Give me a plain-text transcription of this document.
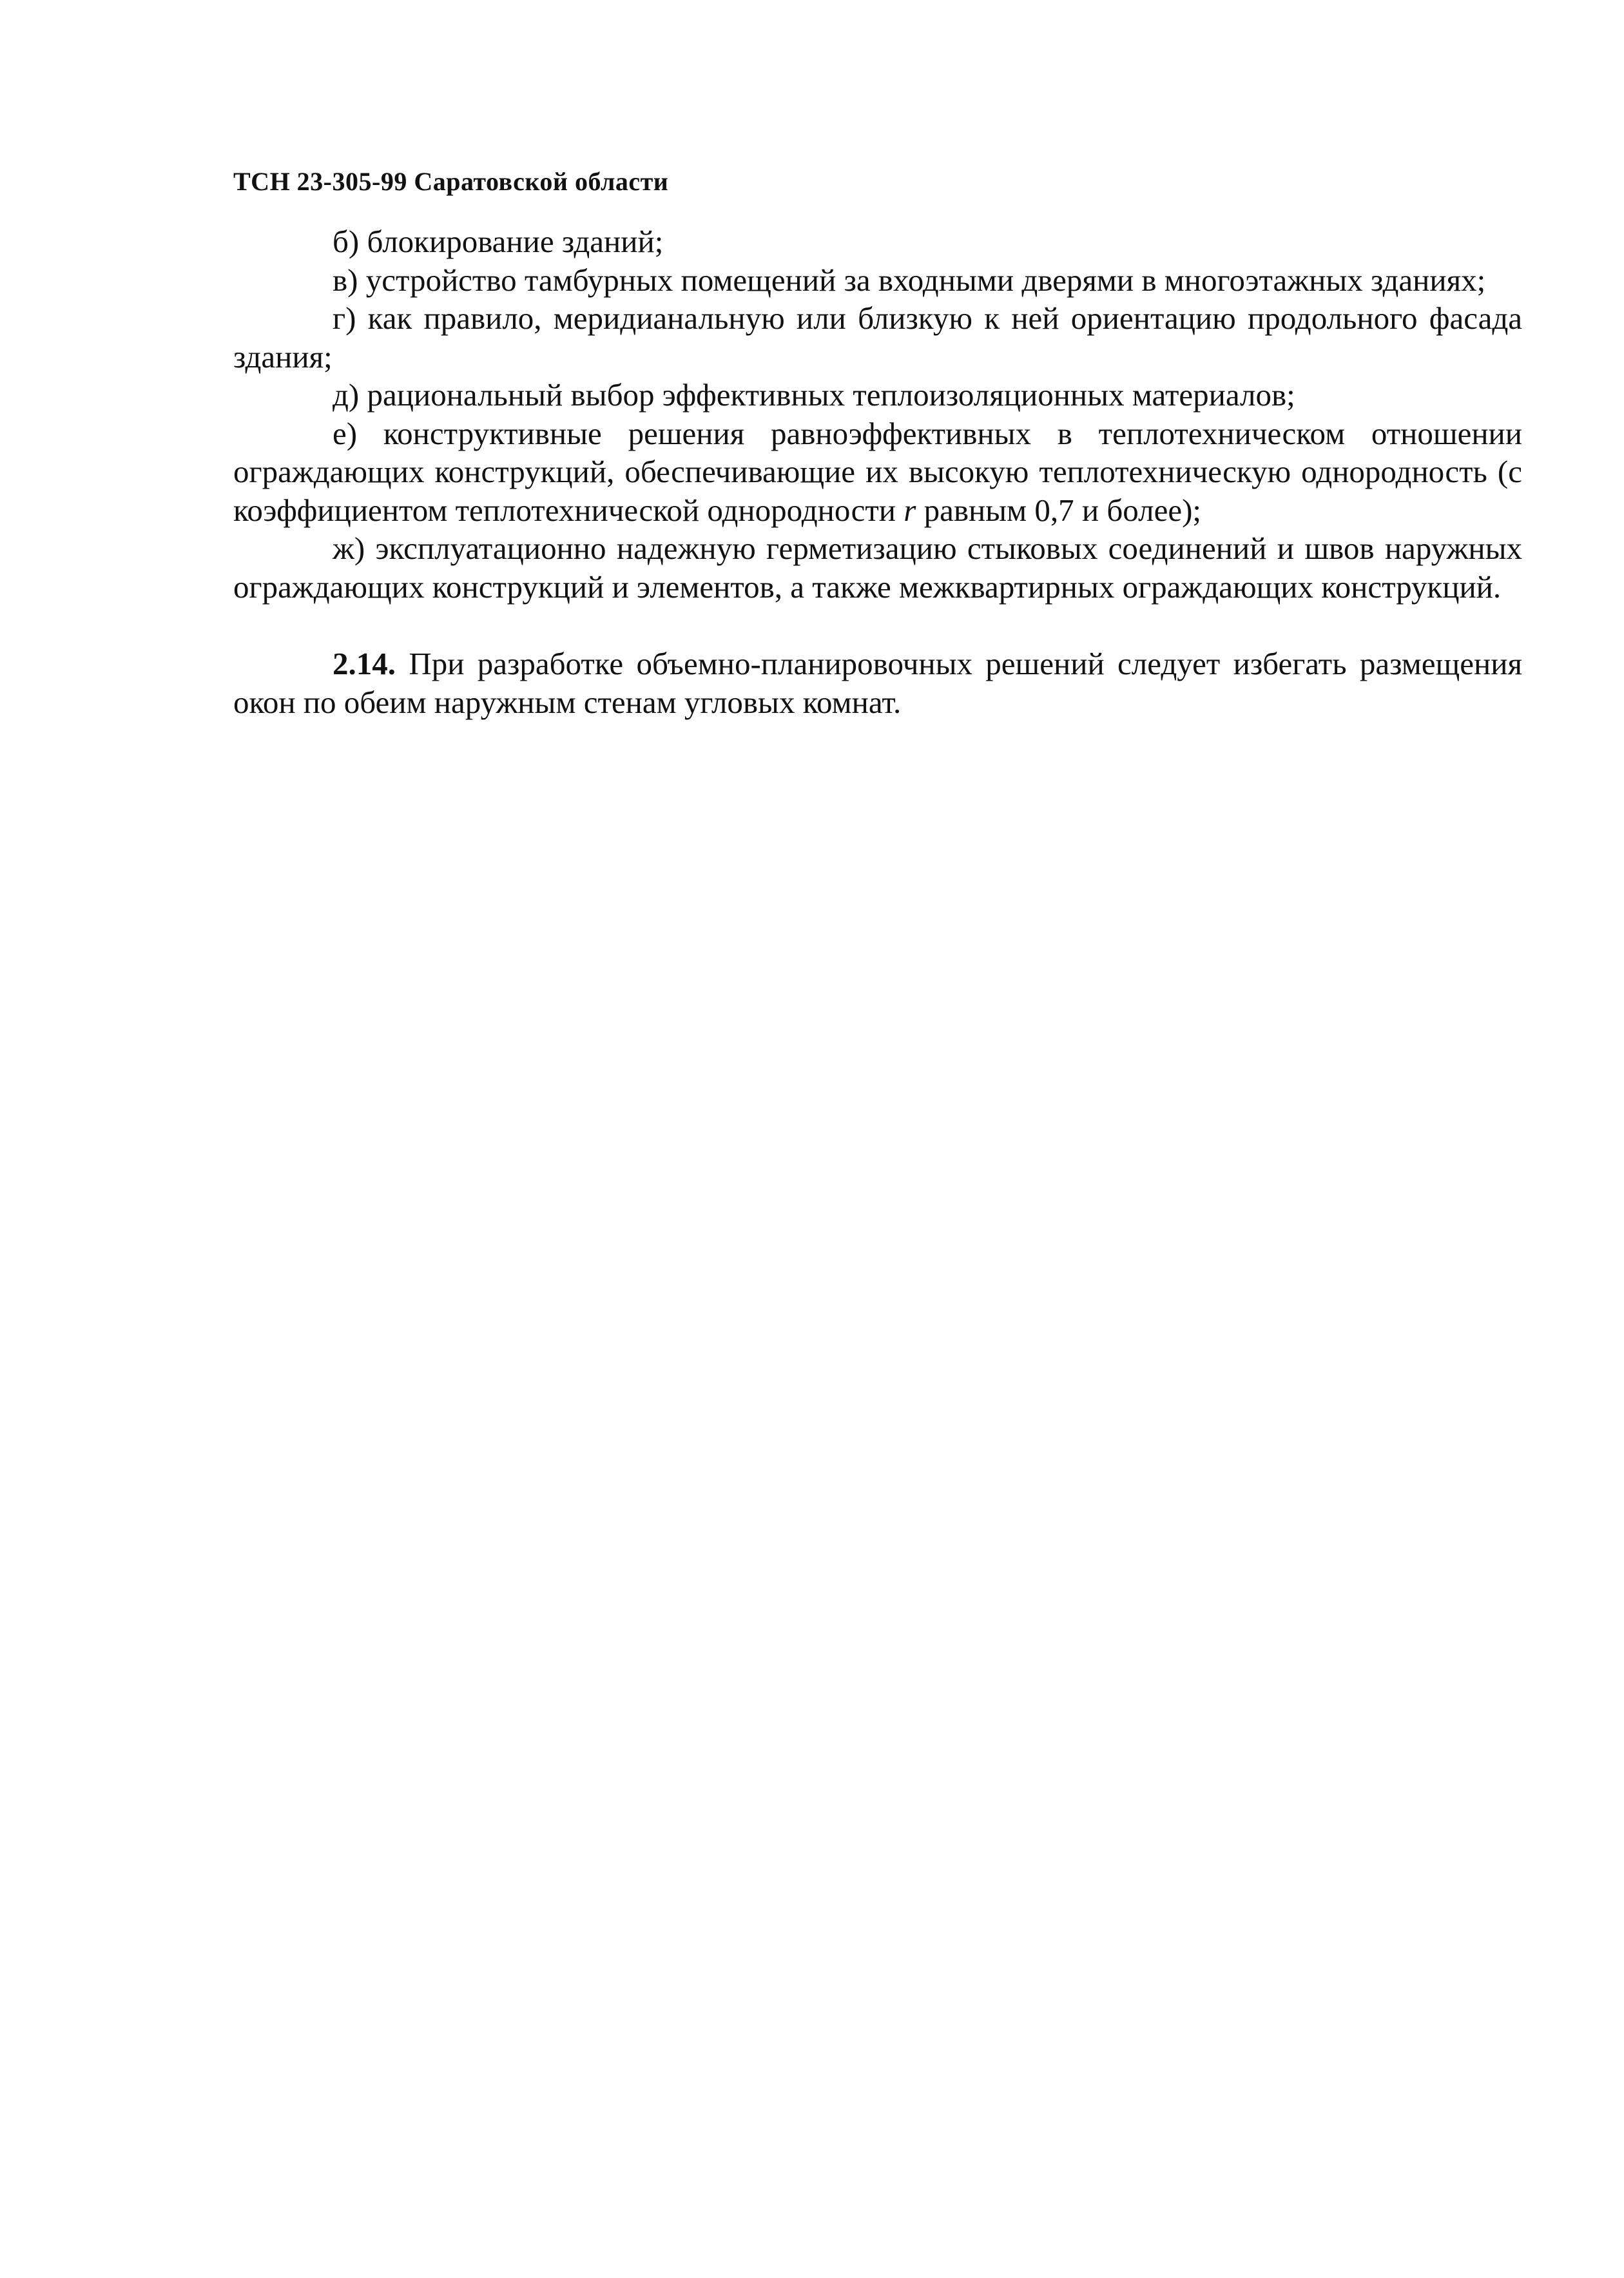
ТСН 23-305-99 Саратовской области

б) блокирование зданий;

в) устройство тамбурных помещений за входными дверями в многоэтажных зданиях;

г) как правило, меридианальную или близкую к ней ориентацию продольного фасада здания;

д) рациональный выбор эффективных теплоизоляционных материалов;

е) конструктивные решения равноэффективных в теплотехническом отношении ограждающих конструкций, обеспечивающие их высокую теплотехническую однородность (с коэффициентом теплотехнической однородности r равным 0,7 и более);

ж) эксплуатационно надежную герметизацию стыковых соединений и швов наружных ограждающих конструкций и элементов, а также межквартирных ограждающих конструкций.

2.14. При разработке объемно-планировочных решений следует избегать размещения окон по обеим наружным стенам угловых комнат.
